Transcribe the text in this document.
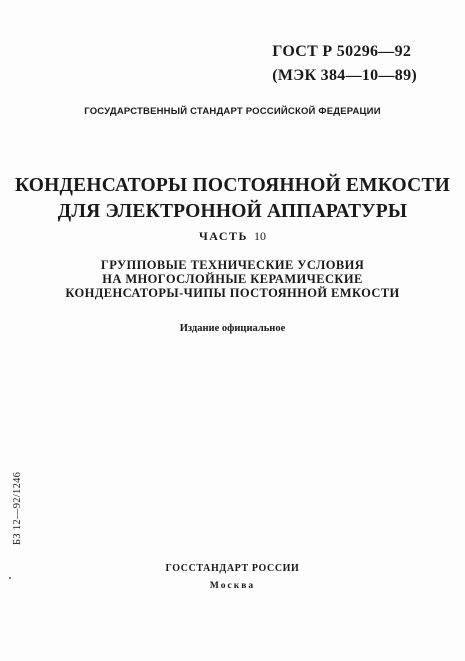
ГОСТ Р 50296—92
(МЭК 384—10—89)
ГОСУДАРСТВЕННЫЙ СТАНДАРТ РОССИЙСКОЙ ФЕДЕРАЦИИ
КОНДЕНСАТОРЫ ПОСТОЯННОЙ ЕМКОСТИ
ДЛЯ ЭЛЕКТРОННОЙ АППАРАТУРЫ
ЧАСТЬ 10
ГРУППОВЫЕ ТЕХНИЧЕСКИЕ УСЛОВИЯ
НА МНОГОСЛОЙНЫЕ КЕРАМИЧЕСКИЕ
КОНДЕНСАТОРЫ-ЧИПЫ ПОСТОЯННОЙ ЕМКОСТИ
Издание официальное
БЗ 12—92/1246
ГОССТАНДАРТ РОССИИ
Москва
